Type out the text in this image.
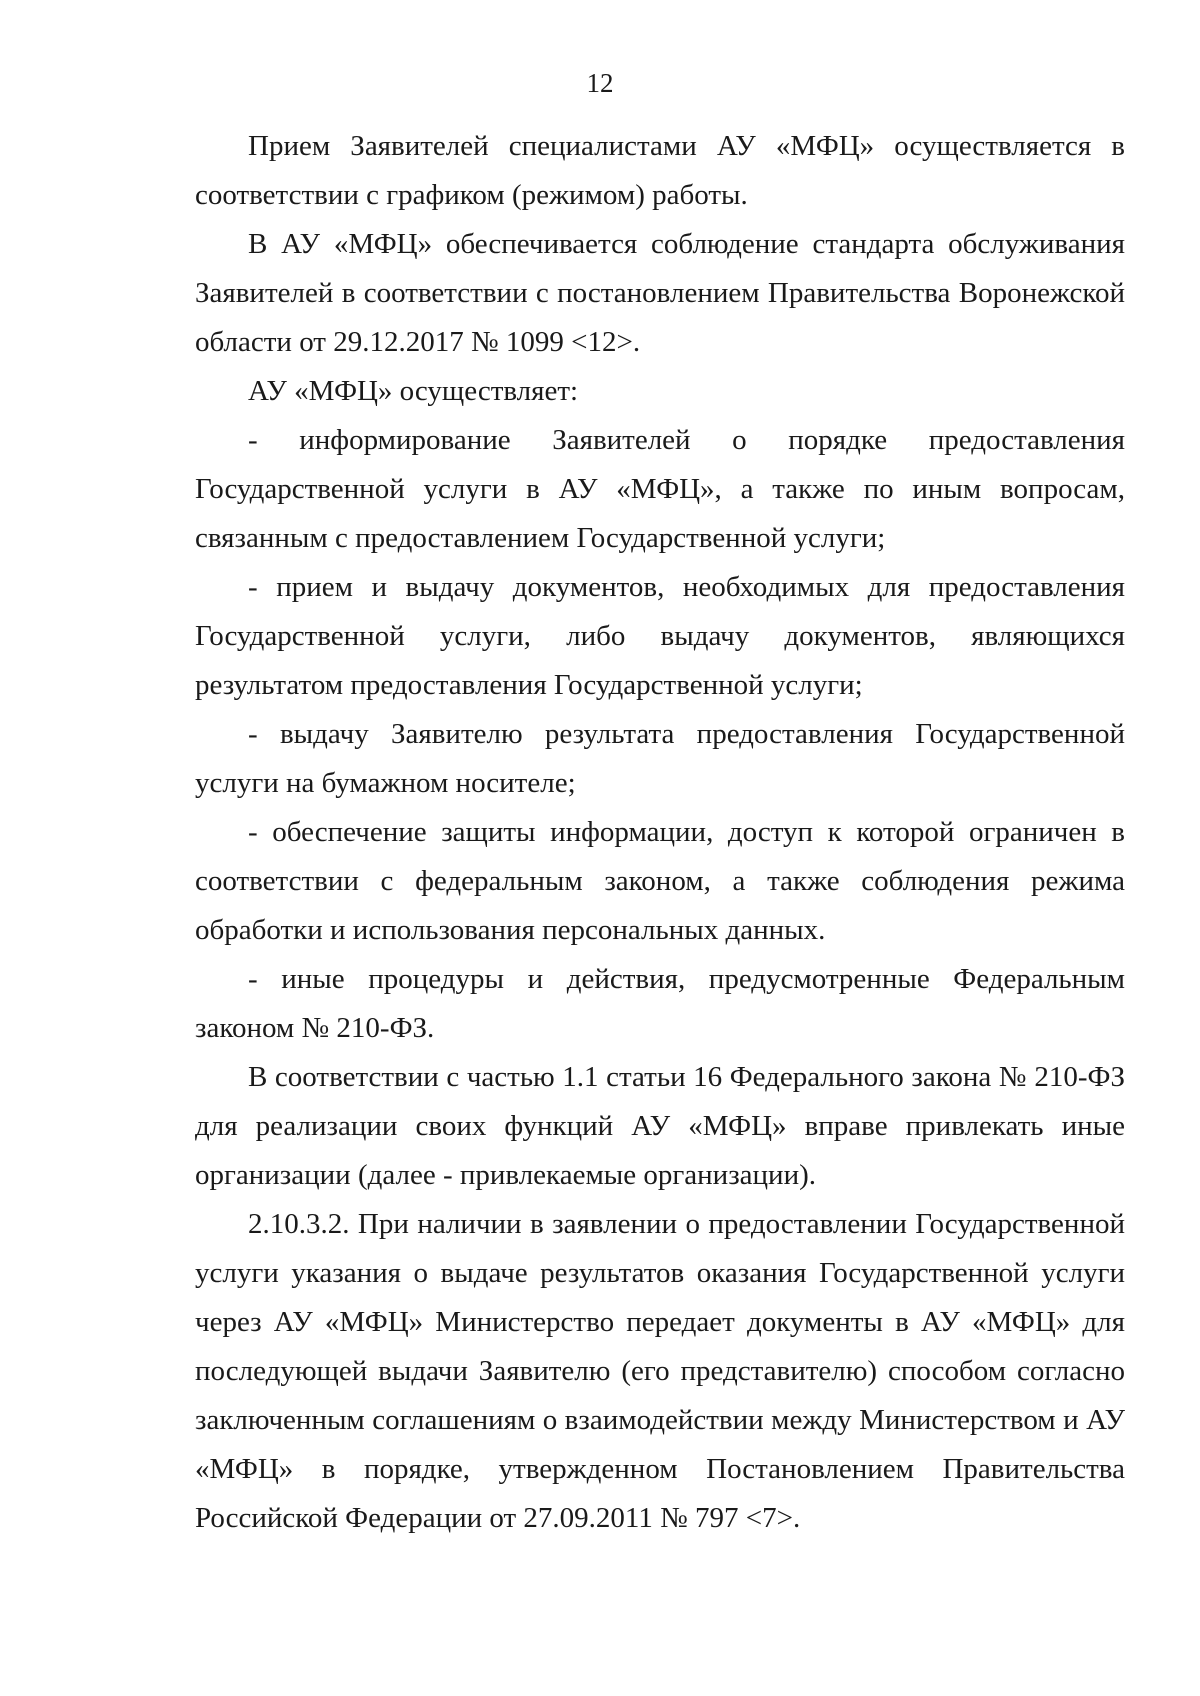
12

Прием Заявителей специалистами АУ «МФЦ» осуществляется в соответствии с графиком (режимом) работы.

В АУ «МФЦ» обеспечивается соблюдение стандарта обслуживания Заявителей в соответствии с постановлением Правительства Воронежской области от 29.12.2017 № 1099 <12>.

АУ «МФЦ» осуществляет:

- информирование Заявителей о порядке предоставления Государственной услуги в АУ «МФЦ», а также по иным вопросам, связанным с предоставлением Государственной услуги;

- прием и выдачу документов, необходимых для предоставления Государственной услуги, либо выдачу документов, являющихся результатом предоставления Государственной услуги;

- выдачу Заявителю результата предоставления Государственной услуги на бумажном носителе;

- обеспечение защиты информации, доступ к которой ограничен в соответствии с федеральным законом, а также соблюдения режима обработки и использования персональных данных.

- иные процедуры и действия, предусмотренные Федеральным законом № 210-ФЗ.

В соответствии с частью 1.1 статьи 16 Федерального закона № 210-ФЗ для реализации своих функций АУ «МФЦ» вправе привлекать иные организации (далее - привлекаемые организации).

2.10.3.2. При наличии в заявлении о предоставлении Государственной услуги указания о выдаче результатов оказания Государственной услуги через АУ «МФЦ» Министерство передает документы в АУ «МФЦ» для последующей выдачи Заявителю (его представителю) способом согласно заключенным соглашениям о взаимодействии между Министерством и АУ «МФЦ» в порядке, утвержденном Постановлением Правительства Российской Федерации от 27.09.2011 № 797 <7>.
